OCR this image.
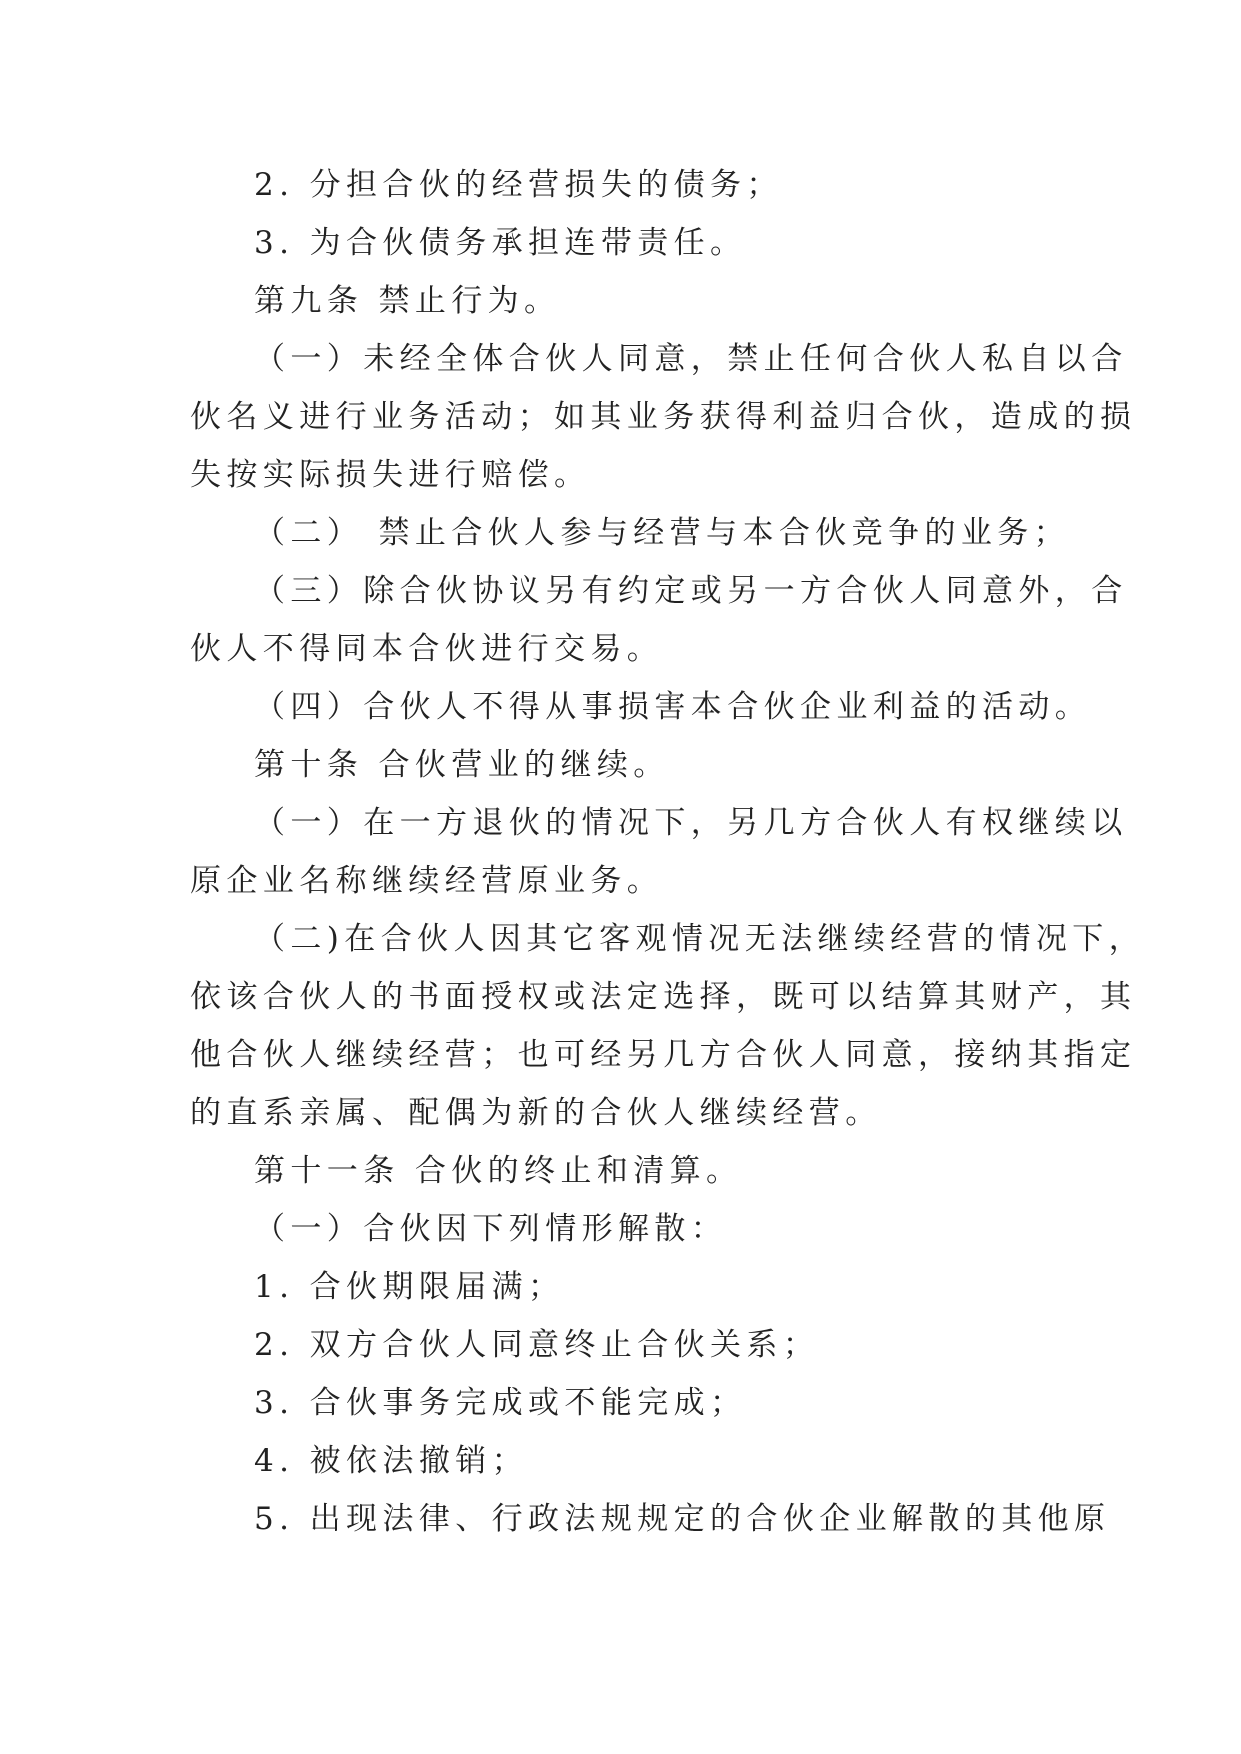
2. 分担合伙的经营损失的债务；
3. 为合伙债务承担连带责任。
第九条 禁止行为。
（一）未经全体合伙人同意，禁止任何合伙人私自以合
伙名义进行业务活动；如其业务获得利益归合伙，造成的损
失按实际损失进行赔偿。
（二） 禁止合伙人参与经营与本合伙竞争的业务；
（三）除合伙协议另有约定或另一方合伙人同意外，合
伙人不得同本合伙进行交易。
（四）合伙人不得从事损害本合伙企业利益的活动。
第十条 合伙营业的继续。
（一）在一方退伙的情况下，另几方合伙人有权继续以
原企业名称继续经营原业务。
（二)在合伙人因其它客观情况无法继续经营的情况下，
依该合伙人的书面授权或法定选择，既可以结算其财产，其
他合伙人继续经营；也可经另几方合伙人同意，接纳其指定
的直系亲属、配偶为新的合伙人继续经营。
第十一条 合伙的终止和清算。
（一）合伙因下列情形解散：
1. 合伙期限届满；
2. 双方合伙人同意终止合伙关系；
3. 合伙事务完成或不能完成；
4. 被依法撤销；
5. 出现法律、行政法规规定的合伙企业解散的其他原
